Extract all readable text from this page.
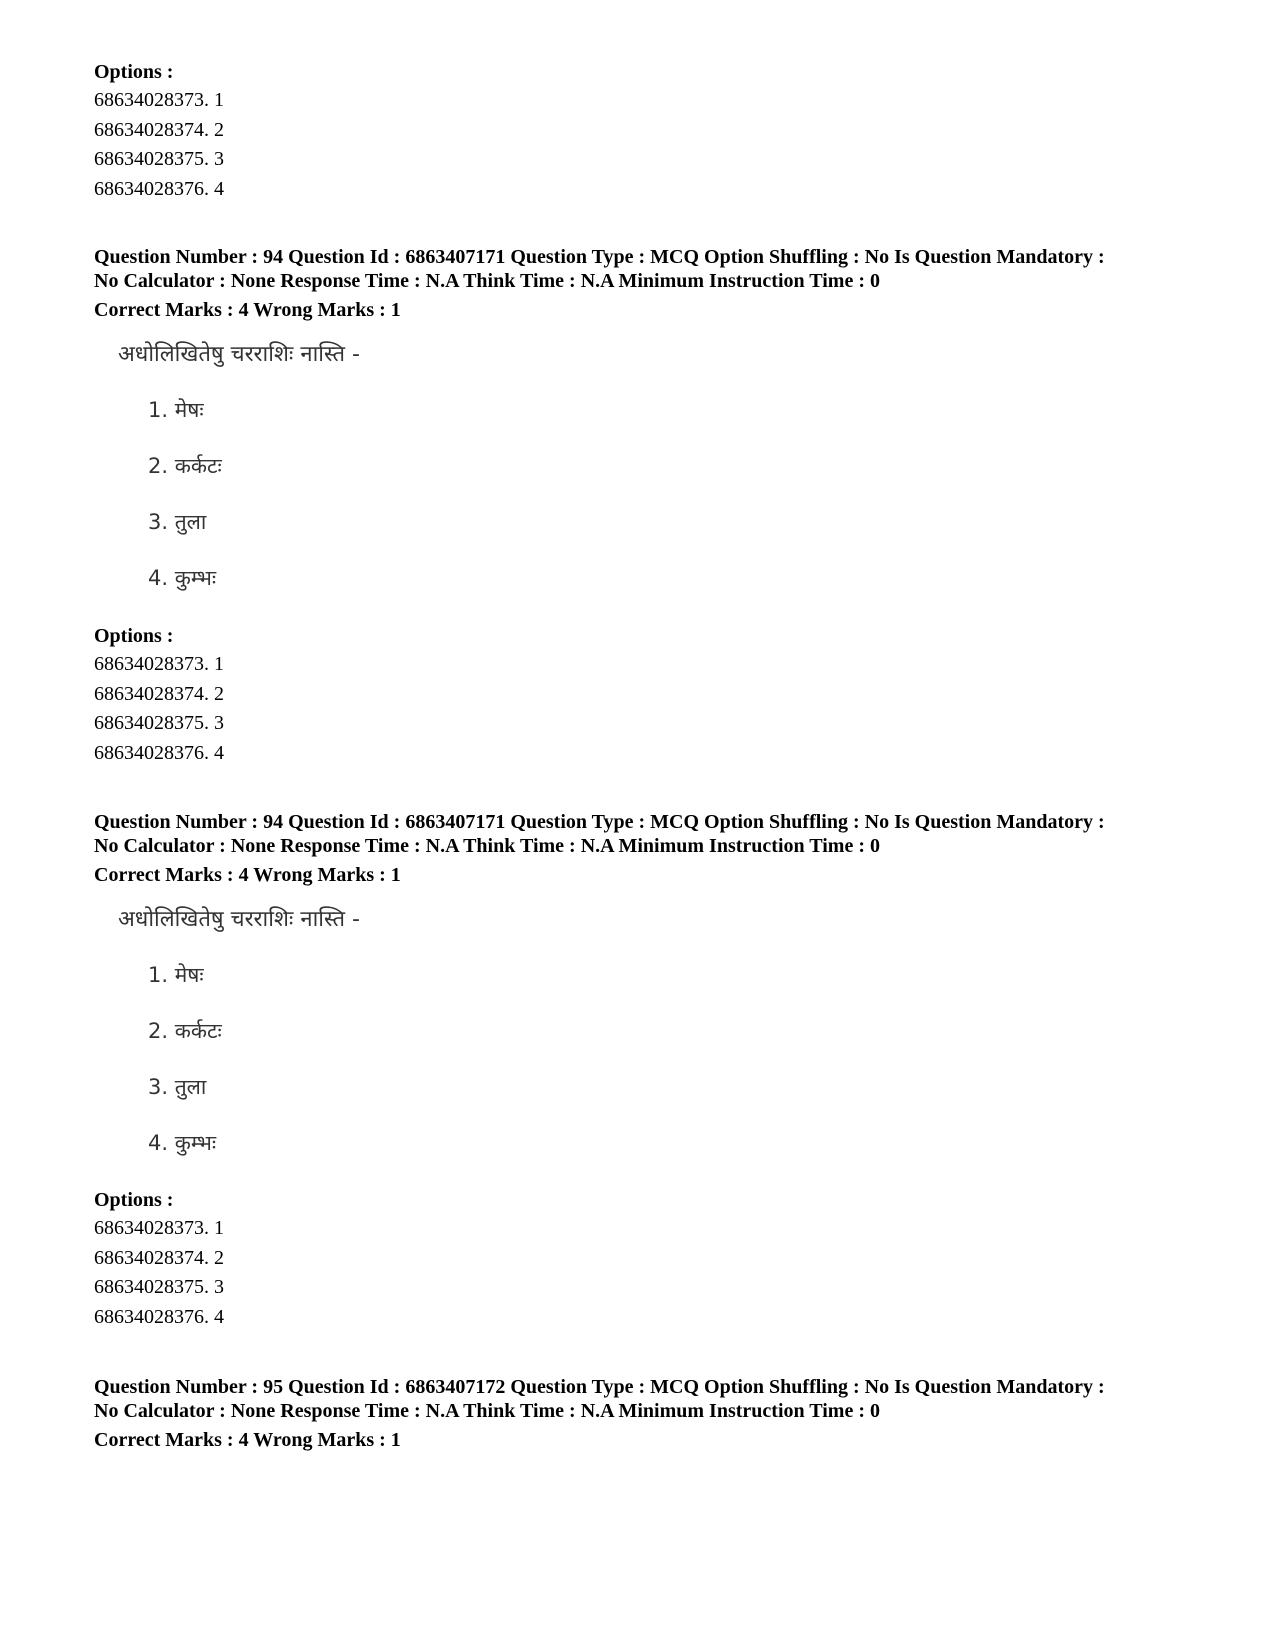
Options :
68634028373. 1
68634028374. 2
68634028375. 3
68634028376. 4
Question Number : 94 Question Id : 6863407171 Question Type : MCQ Option Shuffling : No Is Question Mandatory :
No Calculator : None Response Time : N.A Think Time : N.A Minimum Instruction Time : 0
Correct Marks : 4 Wrong Marks : 1
अधोलिखितेषु चरराशिः नास्ति -
1. मेषः
2. कर्कटः
3. तुला
4. कुम्भः
Options :
68634028373. 1
68634028374. 2
68634028375. 3
68634028376. 4
Question Number : 94 Question Id : 6863407171 Question Type : MCQ Option Shuffling : No Is Question Mandatory :
No Calculator : None Response Time : N.A Think Time : N.A Minimum Instruction Time : 0
Correct Marks : 4 Wrong Marks : 1
अधोलिखितेषु चरराशिः नास्ति -
1. मेषः
2. कर्कटः
3. तुला
4. कुम्भः
Options :
68634028373. 1
68634028374. 2
68634028375. 3
68634028376. 4
Question Number : 95 Question Id : 6863407172 Question Type : MCQ Option Shuffling : No Is Question Mandatory :
No Calculator : None Response Time : N.A Think Time : N.A Minimum Instruction Time : 0
Correct Marks : 4 Wrong Marks : 1
